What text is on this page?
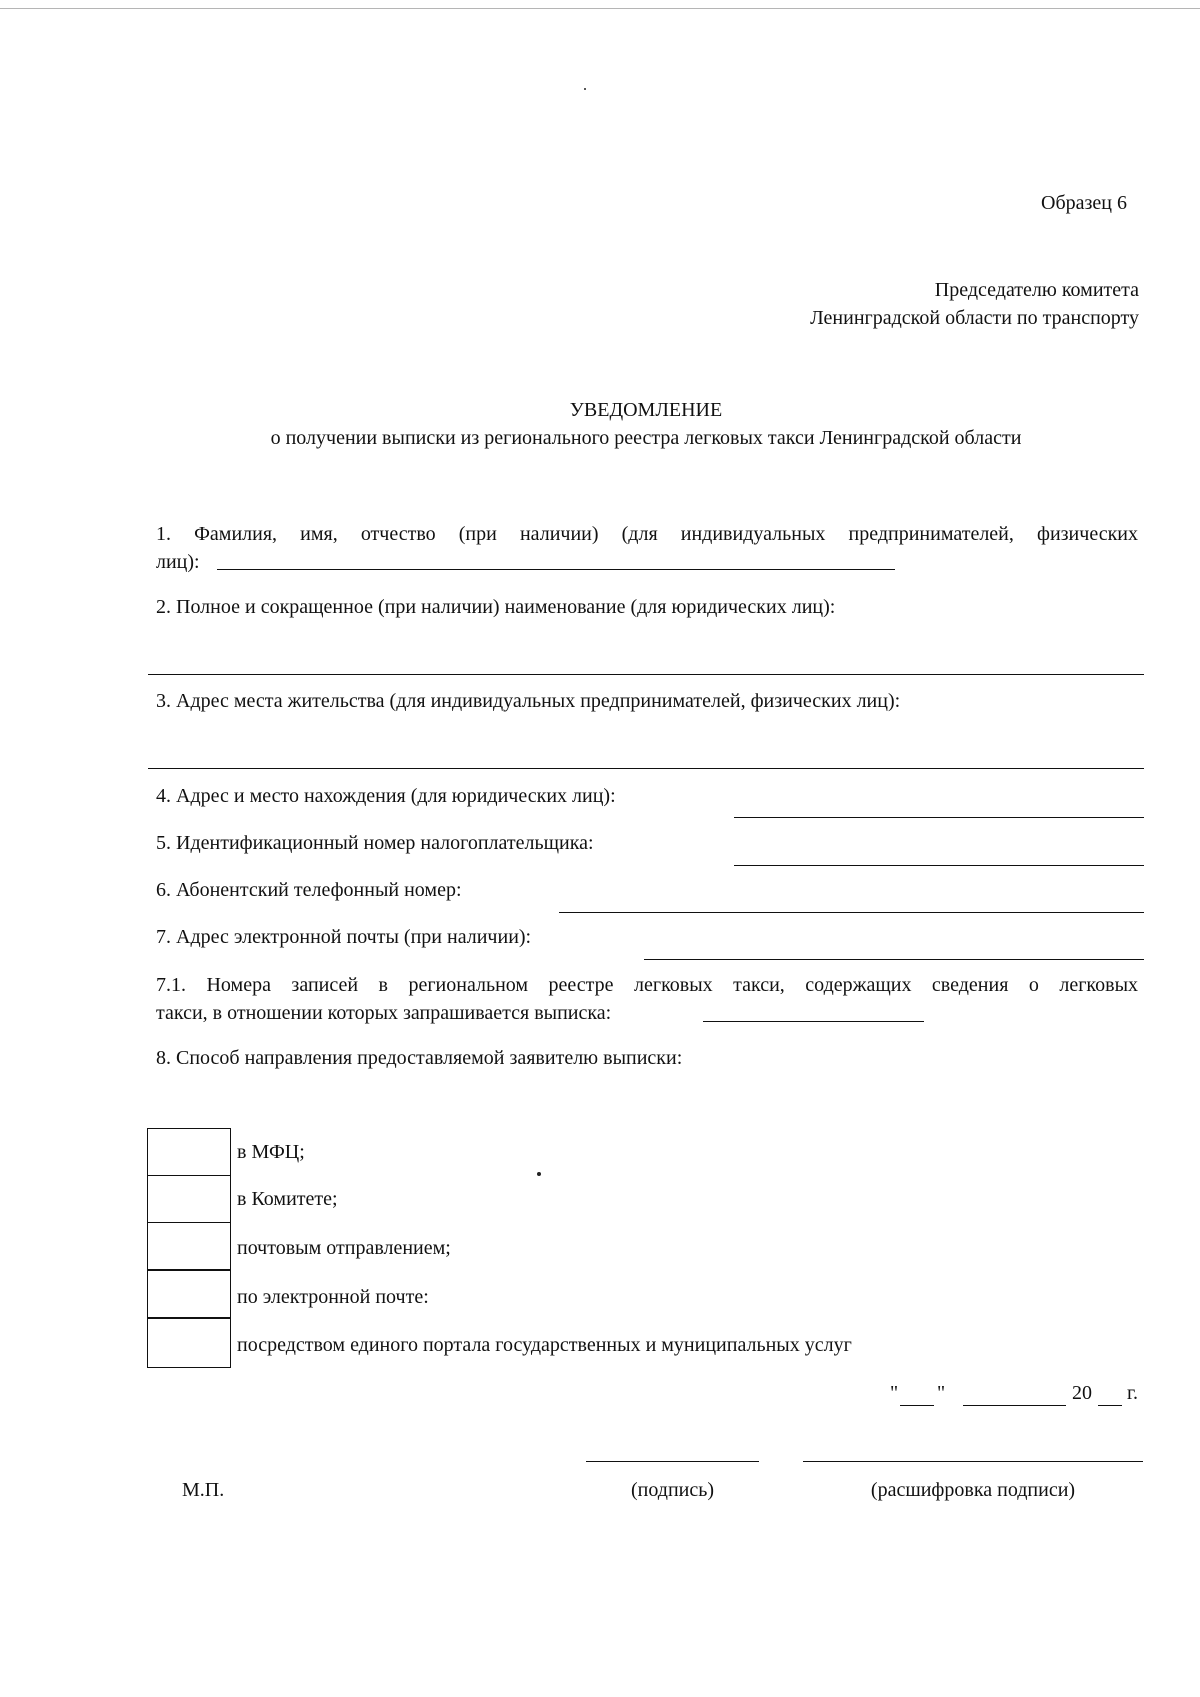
Образец 6
Председателю комитета
Ленинградской области по транспорту
УВЕДОМЛЕНИЕ
о получении выписки из регионального реестра легковых такси Ленинградской области
1. Фамилия, имя, отчество (при наличии) (для индивидуальных предпринимателей, физических
лиц):
2. Полное и сокращенное (при наличии) наименование (для юридических лиц):
3. Адрес места жительства (для индивидуальных предпринимателей, физических лиц):
4. Адрес и место нахождения (для юридических лиц):
5. Идентификационный номер налогоплательщика:
6. Абонентский телефонный номер:
7. Адрес электронной почты (при наличии):
7.1. Номера записей в региональном реестре легковых такси, содержащих сведения о легковых
такси, в отношении которых запрашивается выписка:
8. Способ направления предоставляемой заявителю выписки:
в МФЦ;
в Комитете;
почтовым отправлением;
по электронной почте:
посредством единого портала государственных и муниципальных услуг
" "	20 г.
М.П.	(подпись)	(расшифровка подписи)
